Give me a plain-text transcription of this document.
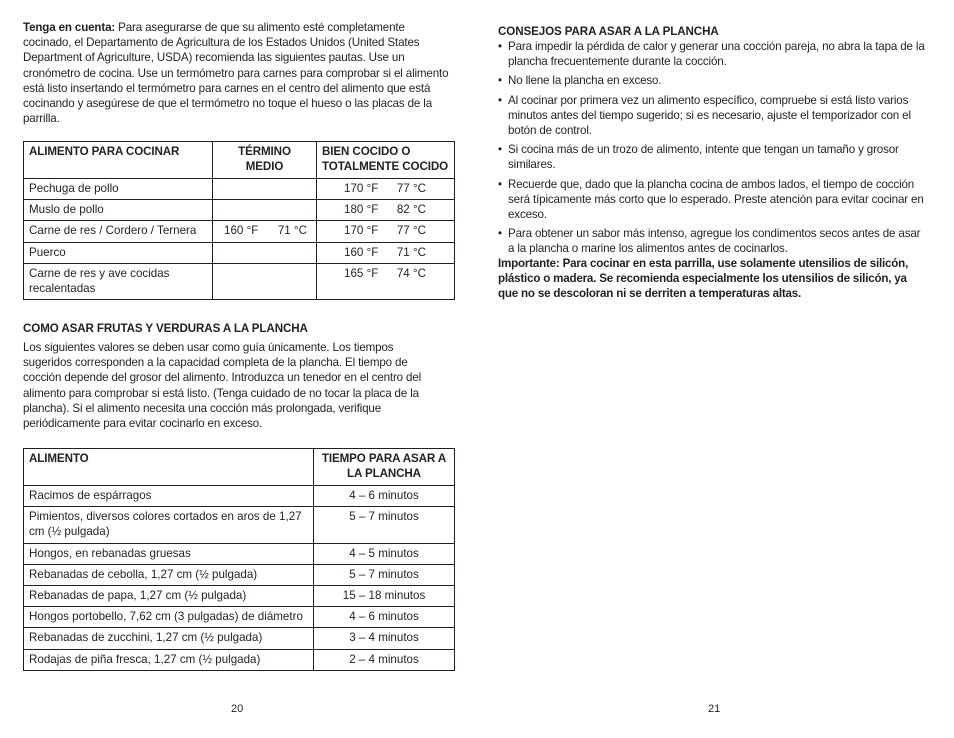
Tenga en cuenta: Para asegurarse de que su alimento esté completamente cocinado, el Departamento de Agricultura de los Estados Unidos (United States Department of Agriculture, USDA) recomienda las siguientes pautas. Use un cronómetro de cocina. Use un termómetro para carnes para comprobar si el alimento está listo insertando el termómetro para carnes en el centro del alimento que está cocinando y asegúrese de que el termómetro no toque el hueso o las placas de la parrilla.

ALIMENTO PARA COCINAR	TÉRMINO MEDIO	BIEN COCIDO O TOTALMENTE COCIDO
Pechuga de pollo		170 °F 77 °C

Muslo de pollo		180 °F 82 °C

Carne de res / Cordero / Ternera	160 °F 71 °C	170 °F 77 °C

Puerco		160 °F 71 °C

Carne de res y ave cocidas recalentadas		165 °F 74 °C
COMO ASAR FRUTAS Y VERDURAS A LA PLANCHA

Los siguientes valores se deben usar como guía únicamente. Los tiempos sugeridos corresponden a la capacidad completa de la plancha. El tiempo de cocción depende del grosor del alimento. Introduzca un tenedor en el centro del alimento para comprobar si está listo. (Tenga cuidado de no tocar la placa de la plancha). Si el alimento necesita una cocción más prolongada, verifique periódicamente para evitar cocinarlo en exceso.

ALIMENTO	TIEMPO PARA ASAR A LA PLANCHA
Racimos de espárragos	4 – 6 minutos
Pimientos, diversos colores cortados en aros de 1,27 cm (½ pulgada)	5 – 7 minutos
Hongos, en rebanadas gruesas	4 – 5 minutos
Rebanadas de cebolla, 1,27 cm (½ pulgada)	5 – 7 minutos
Rebanadas de papa, 1,27 cm (½ pulgada)	15 – 18 minutos
Hongos portobello, 7,62 cm (3 pulgadas) de diámetro	4 – 6 minutos
Rebanadas de zucchini, 1,27 cm (½ pulgada)	3 – 4 minutos
Rodajas de piña fresca, 1,27 cm (½ pulgada)	2 – 4 minutos
20
CONSEJOS PARA ASAR A LA PLANCHA
• Para impedir la pérdida de calor y generar una cocción pareja, no abra la tapa de la plancha frecuentemente durante la cocción.
• No llene la plancha en exceso.
• Al cocinar por primera vez un alimento específico, compruebe si está listo varios minutos antes del tiempo sugerido; si es necesario, ajuste el temporizador con el botón de control.
• Si cocina más de un trozo de alimento, intente que tengan un tamaño y grosor similares.
• Recuerde que, dado que la plancha cocina de ambos lados, el tiempo de cocción será típicamente más corto que lo esperado. Preste atención para evitar cocinar en exceso.
• Para obtener un sabor más intenso, agregue los condimentos secos antes de asar a la plancha o marine los alimentos antes de cocinarlos.

Importante: Para cocinar en esta parrilla, use solamente utensilios de silicón, plástico o madera. Se recomienda especialmente los utensilios de silicón, ya que no se descoloran ni se derriten a temperaturas altas.

21
